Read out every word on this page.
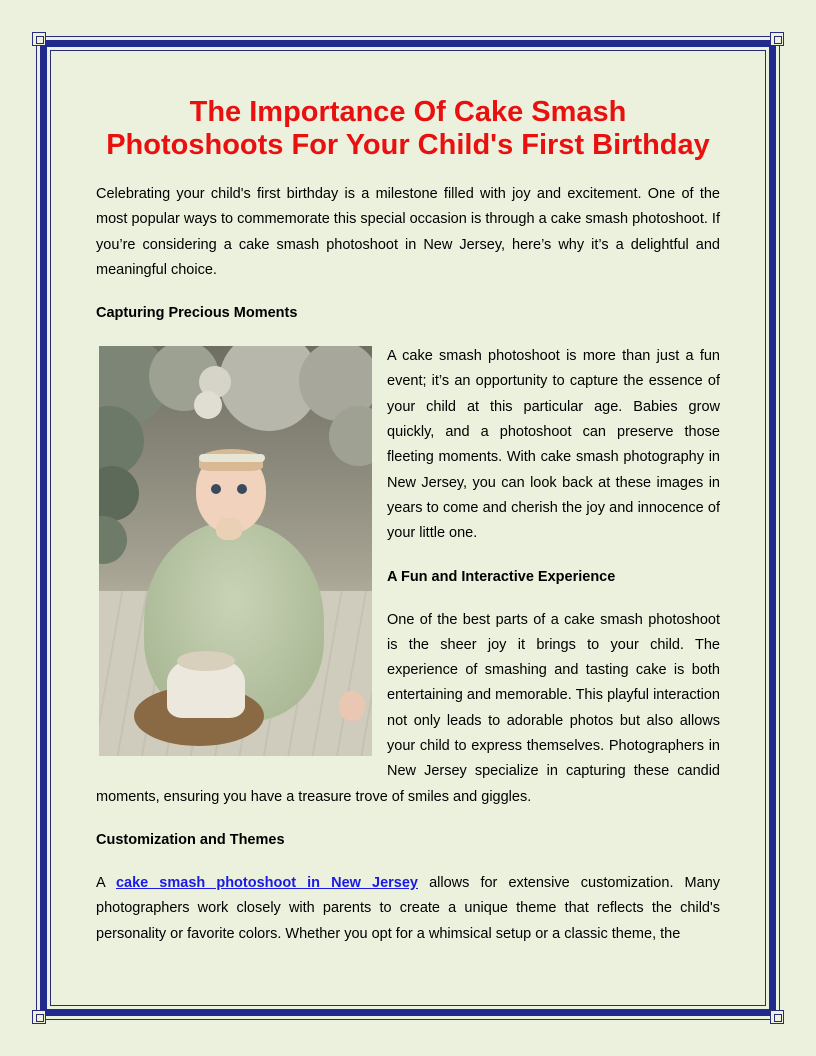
The Importance Of Cake Smash
Photoshoots For Your Child's First Birthday

Celebrating your child's first birthday is a milestone filled with joy and excitement. One of the most popular ways to commemorate this special occasion is through a cake smash photoshoot. If you’re considering a cake smash photoshoot in New Jersey, here’s why it’s a delightful and meaningful choice.

Capturing Precious Moments

A cake smash photoshoot is more than just a fun event; it’s an opportunity to capture the essence of your child at this particular age. Babies grow quickly, and a photoshoot can preserve those fleeting moments. With cake smash photography in New Jersey, you can look back at these images in years to come and cherish the joy and innocence of your little one.

A Fun and Interactive Experience

One of the best parts of a cake smash photoshoot is the sheer joy it brings to your child. The experience of smashing and tasting cake is both entertaining and memorable. This playful interaction not only leads to adorable photos but also allows your child to express themselves. Photographers in New Jersey specialize in capturing these candid moments, ensuring you have a treasure trove of smiles and giggles.

Customization and Themes

A cake smash photoshoot in New Jersey allows for extensive customization. Many photographers work closely with parents to create a unique theme that reflects the child's personality or favorite colors. Whether you opt for a whimsical setup or a classic theme, the
